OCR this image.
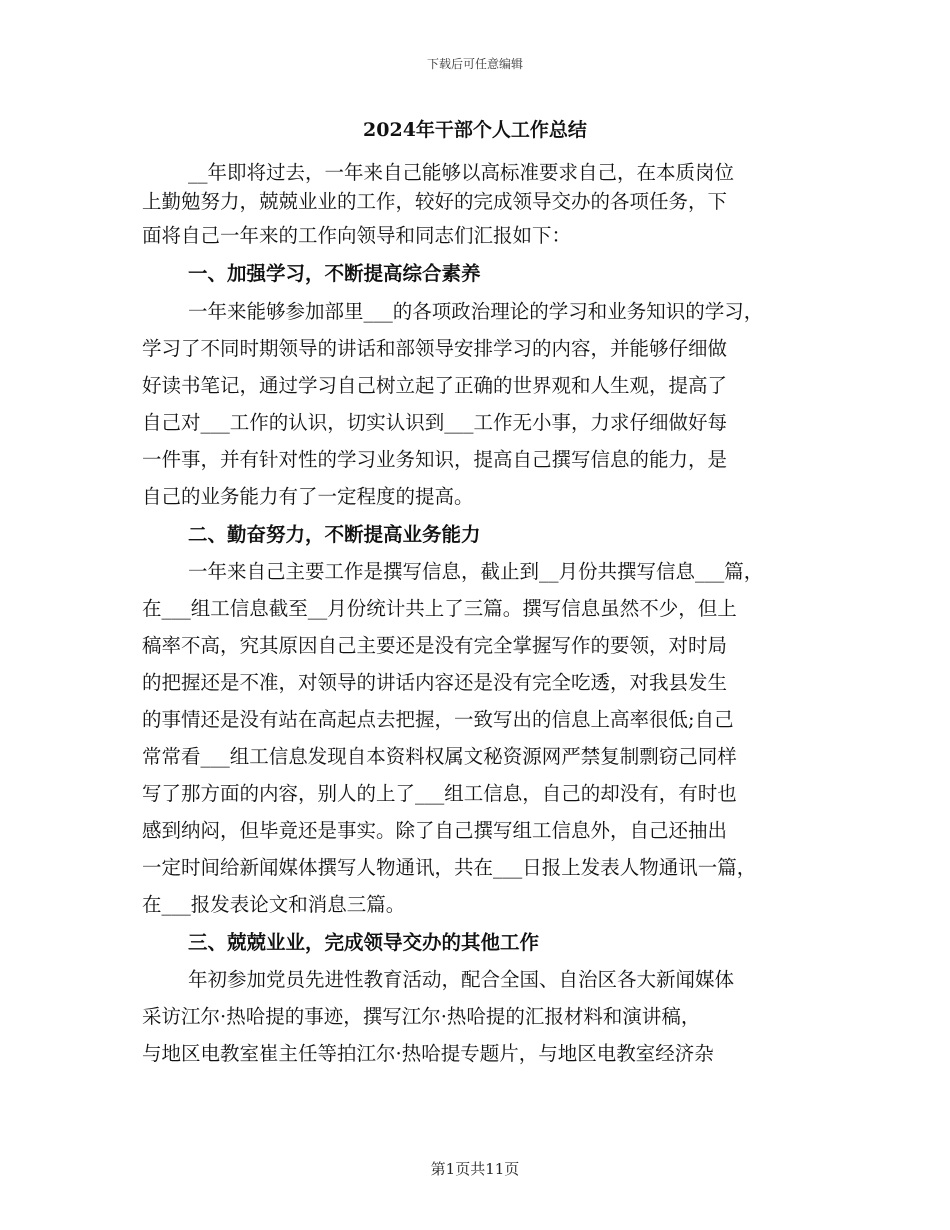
下载后可任意编辑
2024年干部个人工作总结
__年即将过去，一年来自己能够以高标准要求自己，在本质岗位
上勤勉努力，兢兢业业的工作，较好的完成领导交办的各项任务，下
面将自己一年来的工作向领导和同志们汇报如下：
一、加强学习，不断提高综合素养
一年来能够参加部里___的各项政治理论的学习和业务知识的学习，
学习了不同时期领导的讲话和部领导安排学习的内容，并能够仔细做
好读书笔记，通过学习自己树立起了正确的世界观和人生观，提高了
自己对___工作的认识，切实认识到___工作无小事，力求仔细做好每
一件事，并有针对性的学习业务知识，提高自己撰写信息的能力，是
自己的业务能力有了一定程度的提高。
二、勤奋努力，不断提高业务能力
一年来自己主要工作是撰写信息，截止到__月份共撰写信息___篇，
在___组工信息截至__月份统计共上了三篇。撰写信息虽然不少，但上
稿率不高，究其原因自己主要还是没有完全掌握写作的要领，对时局
的把握还是不准，对领导的讲话内容还是没有完全吃透，对我县发生
的事情还是没有站在高起点去把握，一致写出的信息上高率很低;自己
常常看___组工信息发现自本资料权属文秘资源网严禁复制剽窃己同样
写了那方面的内容，别人的上了___组工信息，自己的却没有，有时也
感到纳闷，但毕竟还是事实。除了自己撰写组工信息外，自己还抽出
一定时间给新闻媒体撰写人物通讯，共在___日报上发表人物通讯一篇，
在___报发表论文和消息三篇。
三、兢兢业业，完成领导交办的其他工作
年初参加党员先进性教育活动，配合全国、自治区各大新闻媒体
采访江尔·热哈提的事迹，撰写江尔·热哈提的汇报材料和演讲稿，
与地区电教室崔主任等拍江尔·热哈提专题片，与地区电教室经济杂
第1页共11页
